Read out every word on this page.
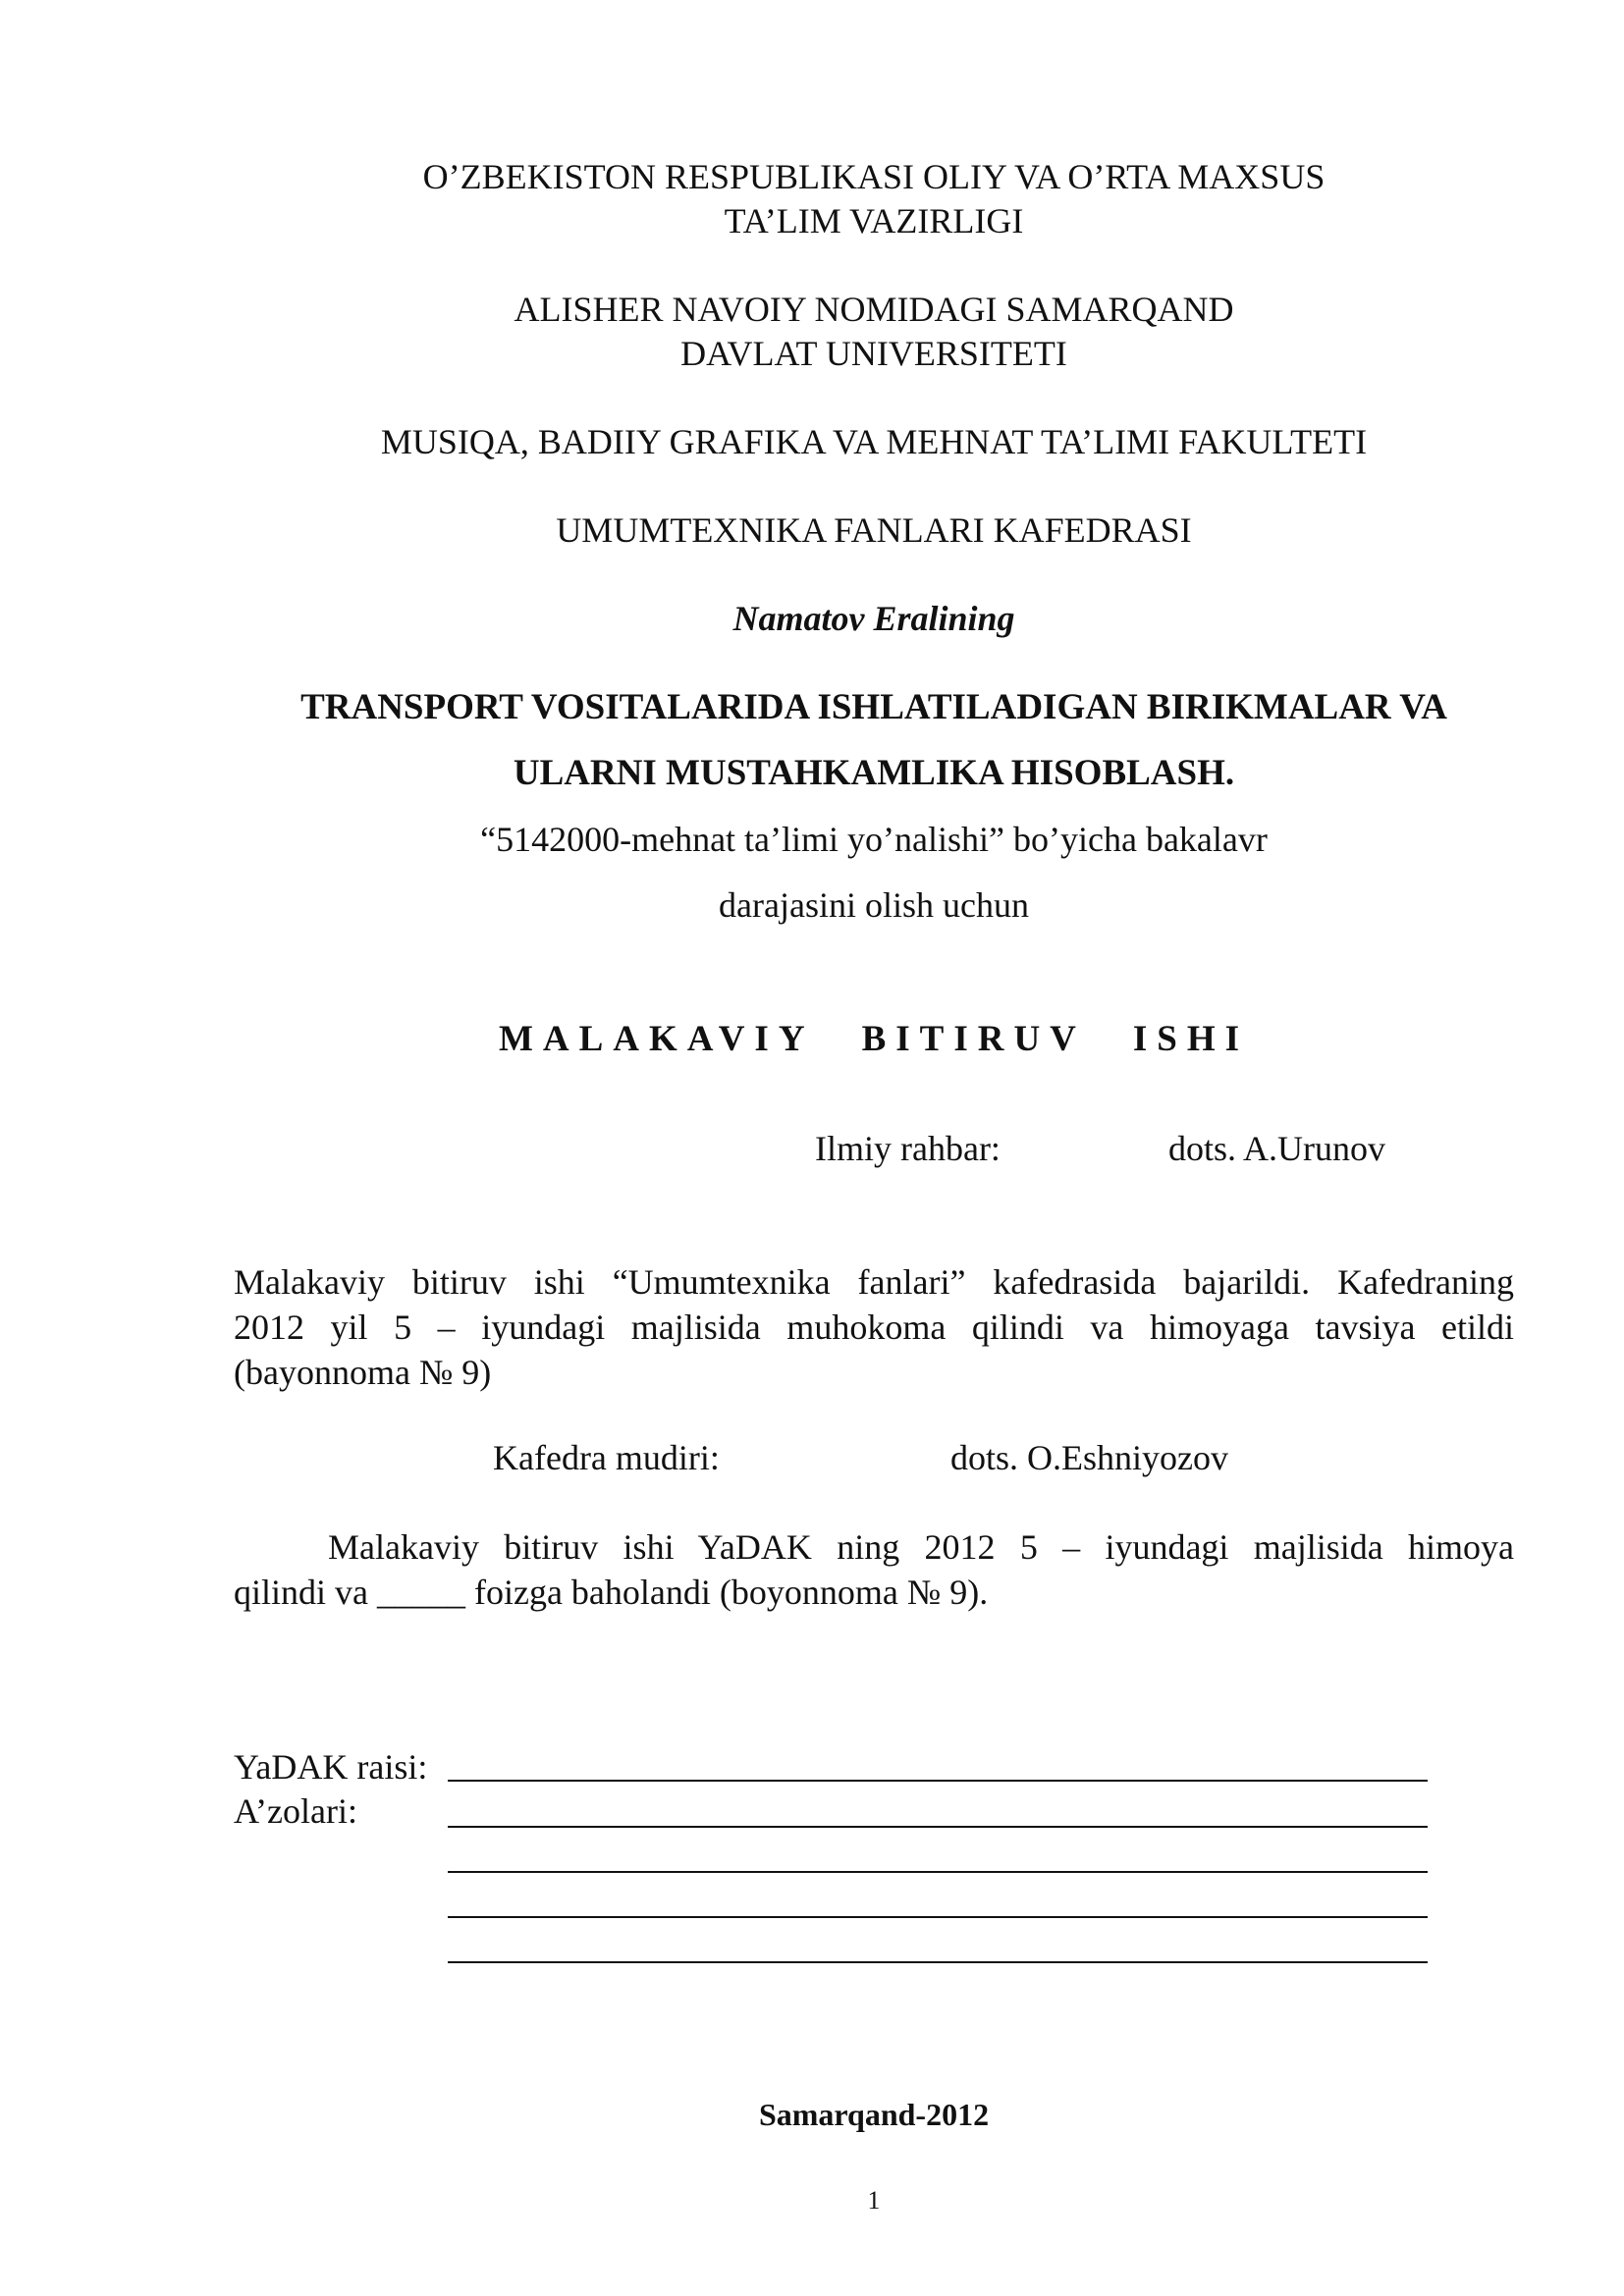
O’ZBEKISTON RESPUBLIKASI OLIY VA O’RTA MAXSUS
TA’LIM VAZIRLIGI
ALISHER NAVOIY NOMIDAGI SAMARQAND
DAVLAT UNIVERSITETI
MUSIQA, BADIIY GRAFIKA VA MEHNAT TA’LIMI FAKULTETI
UMUMTEXNIKA FANLARI KAFEDRASI
Namatov Eralining
TRANSPORT VOSITALARIDA ISHLATILADIGAN BIRIKMALAR VA
ULARNI MUSTAHKAMLIKA HISOBLASH.
“5142000-mehnat ta’limi yo’nalishi” bo’yicha bakalavr
darajasini olish uchun
MALAKAVIY BITIRUV ISHI
Ilmiy rahbar:	dots. A.Urunov
Malakaviy bitiruv ishi “Umumtexnika fanlari” kafedrasida bajarildi. Kafedraning
2012 yil 5 – iyundagi majlisida muhokoma qilindi va himoyaga tavsiya etildi
(bayonnoma № 9)
Kafedra mudiri:	dots. O.Eshniyozov
Malakaviy bitiruv ishi YaDAK ning 2012 5 – iyundagi majlisida himoya
qilindi va _____ foizga baholandi (boyonnoma № 9).
YaDAK raisi:
A’zolari:
Samarqand-2012
1
